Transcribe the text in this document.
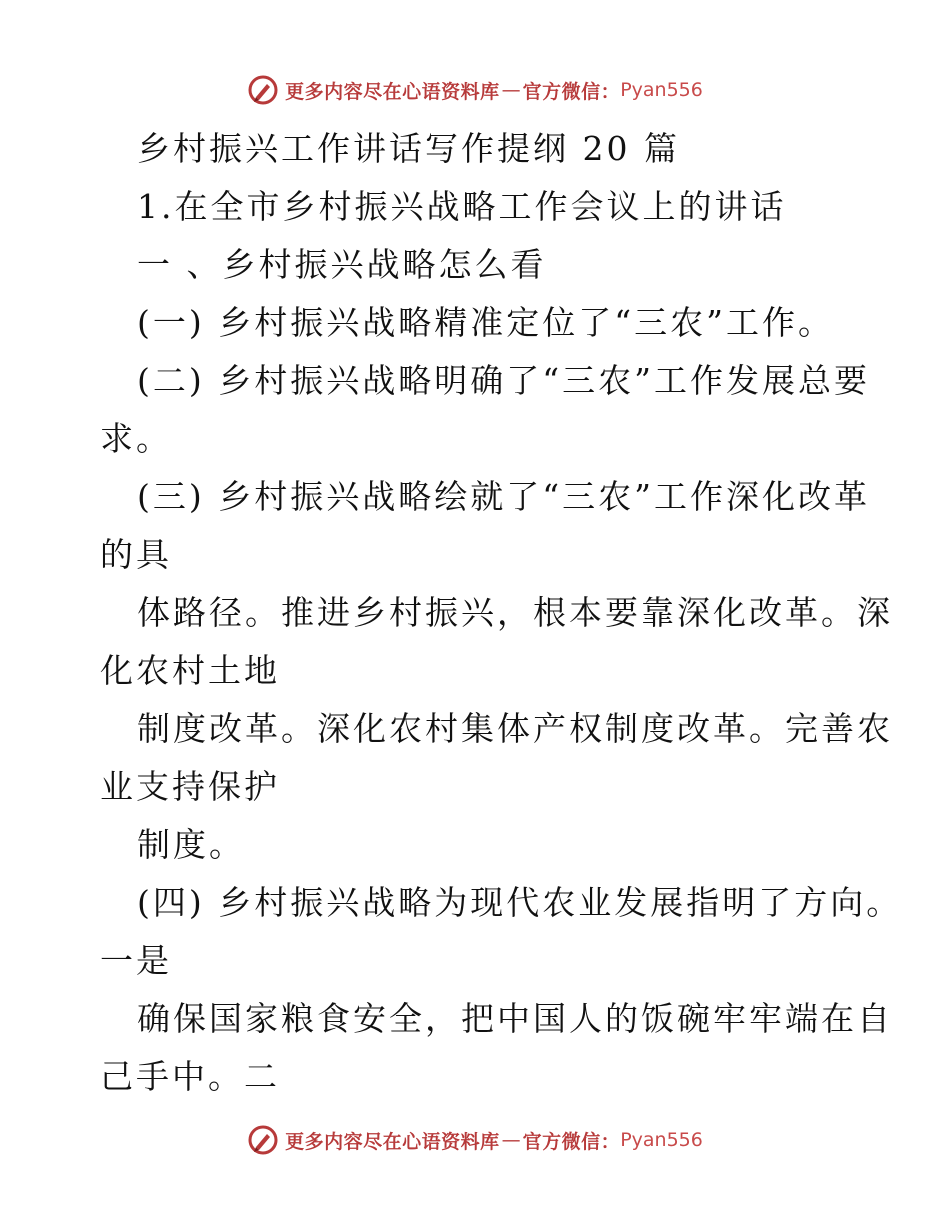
更多内容尽在心语资料库 — 官方微信： Pyan556
乡村振兴工作讲话写作提纲 20 篇
1.在全市乡村振兴战略工作会议上的讲话
一 、乡村振兴战略怎么看
(一) 乡村振兴战略精准定位了“三农”工作。
(二) 乡村振兴战略明确了“三农”工作发展总要
求。
(三) 乡村振兴战略绘就了“三农”工作深化改革
的具
体路径。推进乡村振兴，根本要靠深化改革。深
化农村土地
制度改革。深化农村集体产权制度改革。完善农
业支持保护
制度。
(四) 乡村振兴战略为现代农业发展指明了方向。
一是
确保国家粮食安全，把中国人的饭碗牢牢端在自
己手中。二
更多内容尽在心语资料库 — 官方微信： Pyan556
